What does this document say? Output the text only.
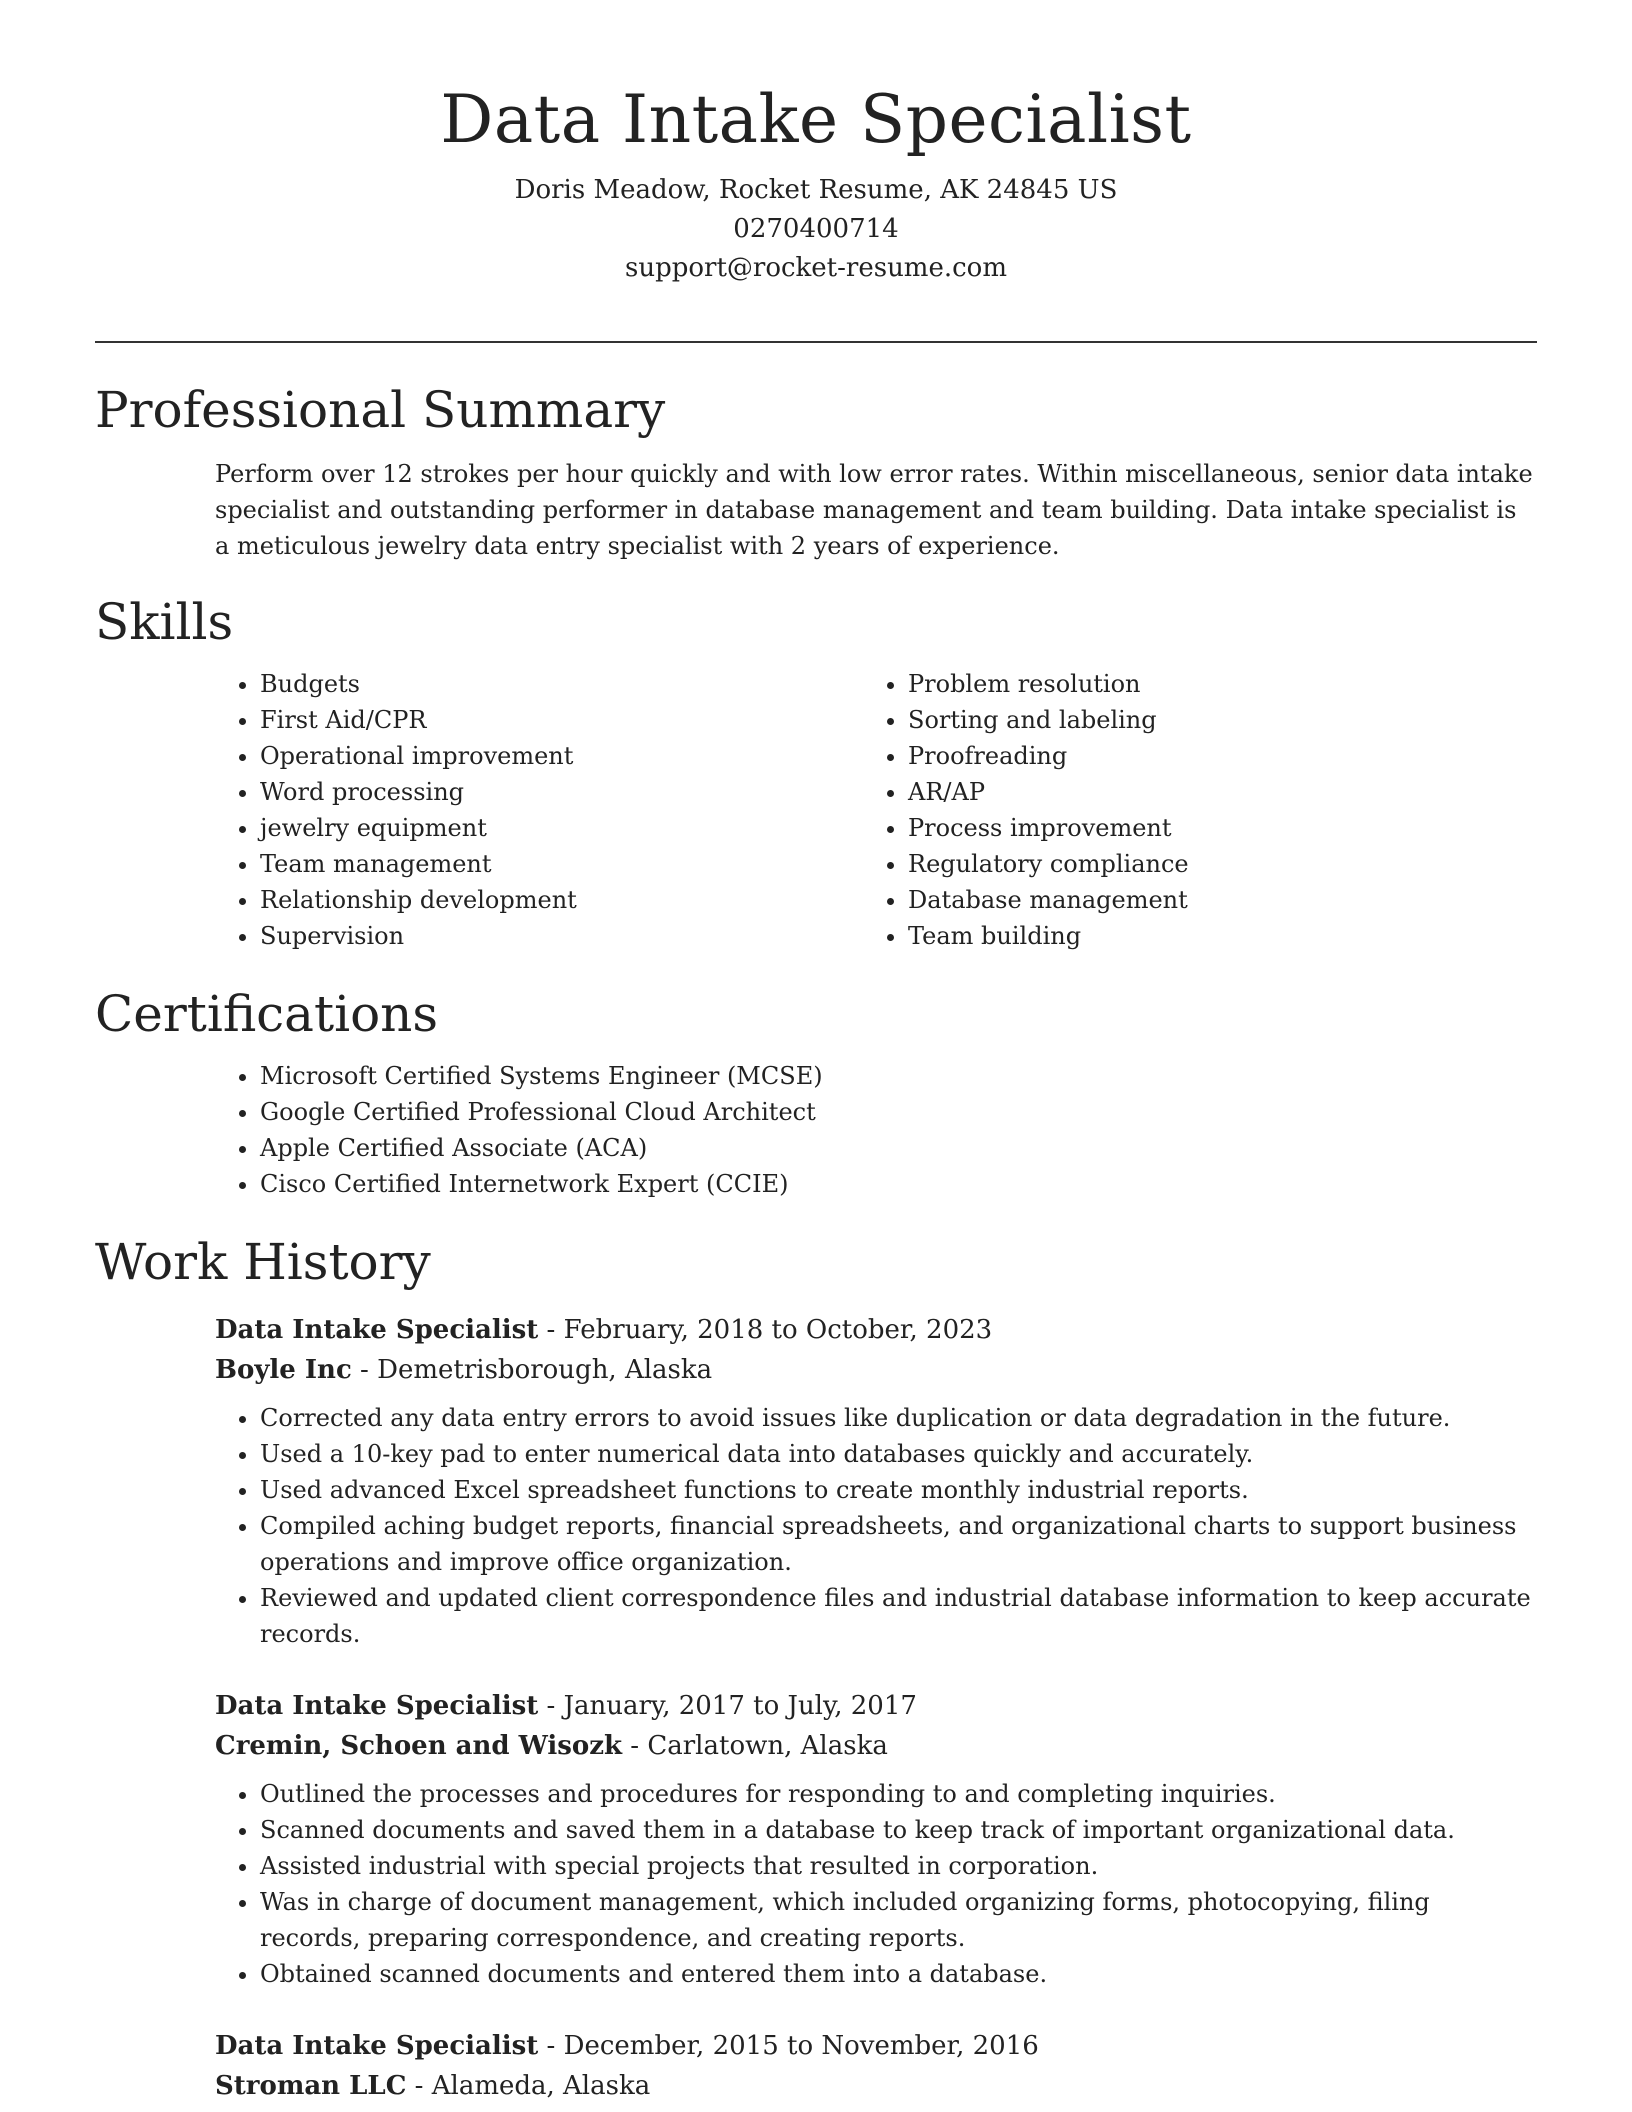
Data Intake Specialist

Doris Meadow, Rocket Resume, AK 24845 US

0270400714

support@rocket-resume.com

Professional Summary

Perform over 12 strokes per hour quickly and with low error rates. Within miscellaneous, senior data intake specialist and outstanding performer in database management and team building. Data intake specialist is a meticulous jewelry data entry specialist with 2 years of experience.

Skills
• Budgets
• First Aid/CPR
• Operational improvement
• Word processing
• jewelry equipment
• Team management
• Relationship development
• Supervision
• Problem resolution
• Sorting and labeling
• Proofreading
• AR/AP
• Process improvement
• Regulatory compliance
• Database management
• Team building
Certifications
• Microsoft Certified Systems Engineer (MCSE)
• Google Certified Professional Cloud Architect
• Apple Certified Associate (ACA)
• Cisco Certified Internetwork Expert (CCIE)
Work History

Data Intake Specialist - February, 2018 to October, 2023

Boyle Inc - Demetrisborough, Alaska

• Corrected any data entry errors to avoid issues like duplication or data degradation in the future.
• Used a 10-key pad to enter numerical data into databases quickly and accurately.
• Used advanced Excel spreadsheet functions to create monthly industrial reports.
• Compiled aching budget reports, financial spreadsheets, and organizational charts to support business operations and improve office organization.
• Reviewed and updated client correspondence files and industrial database information to keep accurate records.

Data Intake Specialist - January, 2017 to July, 2017

Cremin, Schoen and Wisozk - Carlatown, Alaska

• Outlined the processes and procedures for responding to and completing inquiries.
• Scanned documents and saved them in a database to keep track of important organizational data.
• Assisted industrial with special projects that resulted in corporation.
• Was in charge of document management, which included organizing forms, photocopying, filing records, preparing correspondence, and creating reports.
• Obtained scanned documents and entered them into a database.

Data Intake Specialist - December, 2015 to November, 2016

Stroman LLC - Alameda, Alaska
